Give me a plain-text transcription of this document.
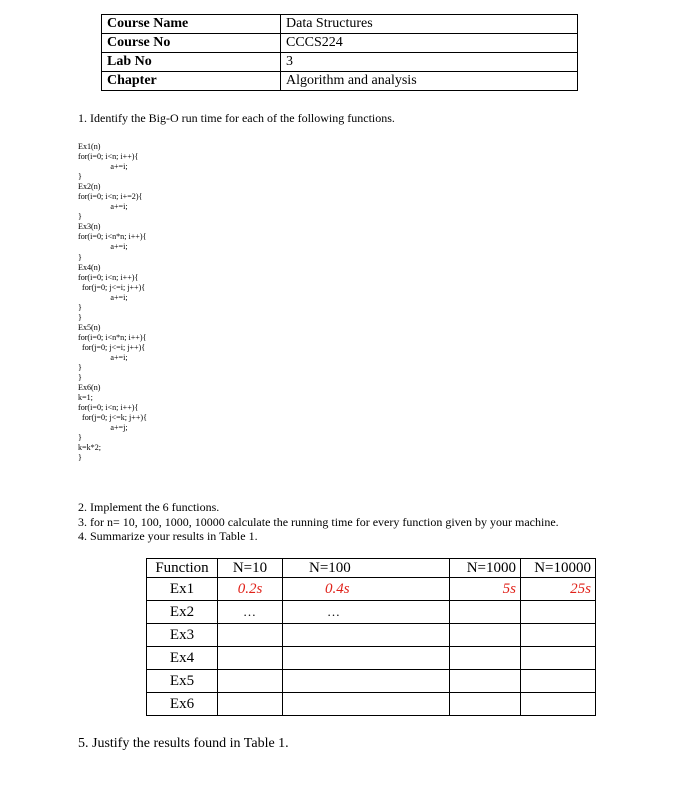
Course Name	Data Structures
Course No	CCCS224
Lab No	3
Chapter	Algorithm and analysis

1. Identify the Big-O run time for each of the following functions.

Ex1(n)
for(i=0; i<n; i++){
a+=i;
}
Ex2(n)
for(i=0; i<n; i+=2){
a+=i;
}
Ex3(n)
for(i=0; i<n*n; i++){
a+=i;
}
Ex4(n)
for(i=0; i<n; i++){
for(j=0; j<=i; j++){
a+=i;
}
}
Ex5(n)
for(i=0; i<n*n; i++){
for(j=0; j<=i; j++){
a+=i;
}
}
Ex6(n)
k=1;
for(i=0; i<n; i++){
for(j=0; j<=k; j++){
a+=j;
}
k=k*2;
}
2. Implement the 6 functions.
3. for n= 10, 100, 1000, 10000 calculate the running time for every function given by your machine.
4. Summarize your results in Table 1.
Function	N=10	N=100	N=1000	N=10000
Ex1	0.2s	0.4s	5s	25s
Ex2	…	…		
Ex3				
Ex4				
Ex5				
Ex6				

5. Justify the results found in Table 1.
